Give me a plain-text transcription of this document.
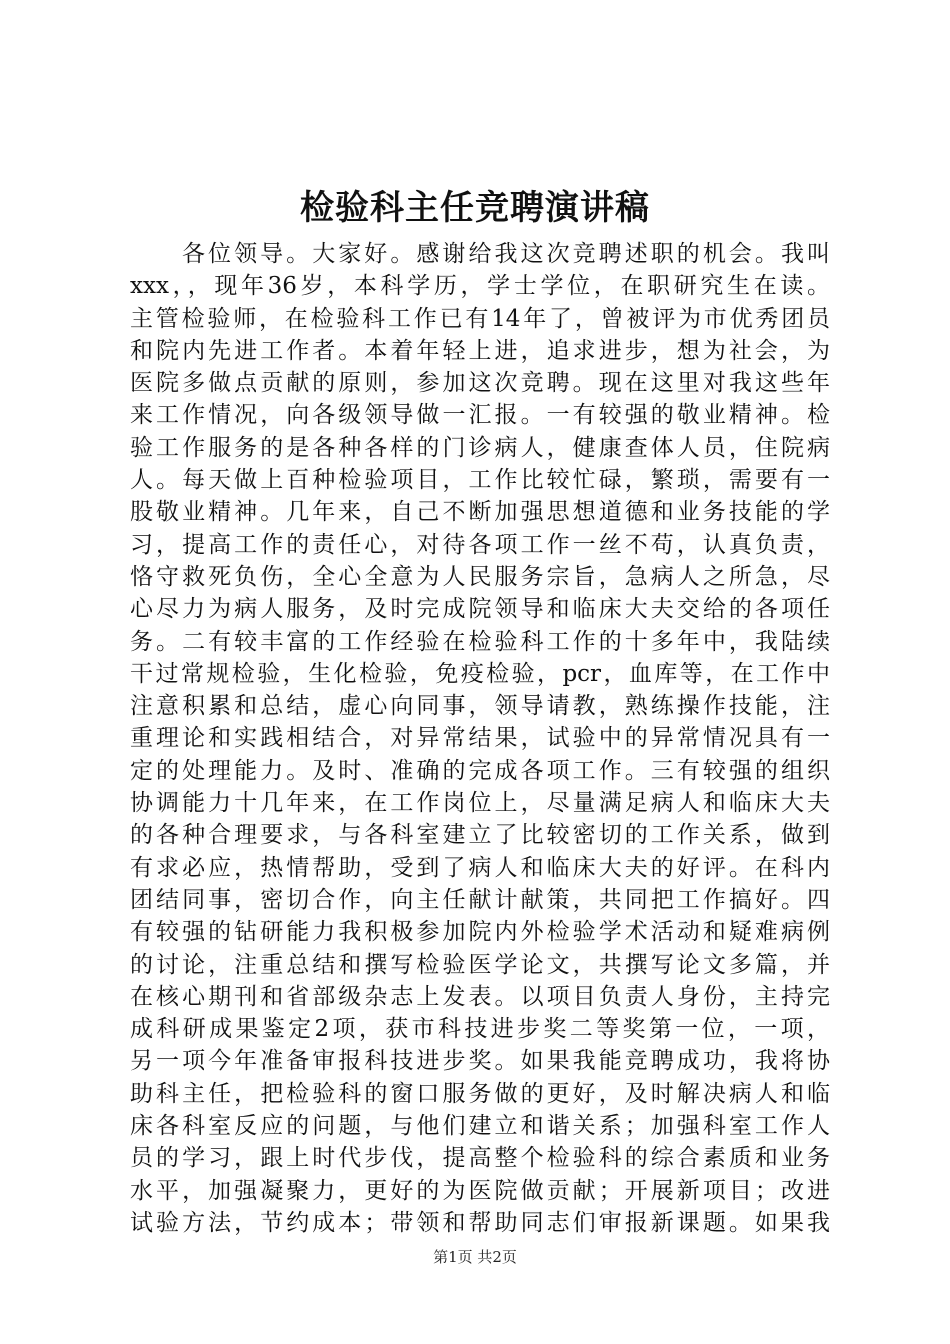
检验科主任竞聘演讲稿
各位领导。大家好。感谢给我这次竞聘述职的机会。我叫
xxx，，现年36岁，本科学历，学士学位，在职研究生在读。
主管检验师，在检验科工作已有14年了，曾被评为市优秀团员
和院内先进工作者。本着年轻上进，追求进步，想为社会，为
医院多做点贡献的原则，参加这次竞聘。现在这里对我这些年
来工作情况，向各级领导做一汇报。一有较强的敬业精神。检
验工作服务的是各种各样的门诊病人，健康查体人员，住院病
人。每天做上百种检验项目，工作比较忙碌，繁琐，需要有一
股敬业精神。几年来，自己不断加强思想道德和业务技能的学
习，提高工作的责任心，对待各项工作一丝不苟，认真负责，
恪守救死负伤，全心全意为人民服务宗旨，急病人之所急，尽
心尽力为病人服务，及时完成院领导和临床大夫交给的各项任
务。二有较丰富的工作经验在检验科工作的十多年中，我陆续
干过常规检验，生化检验，免疫检验，pcr，血库等，在工作中
注意积累和总结，虚心向同事，领导请教，熟练操作技能，注
重理论和实践相结合，对异常结果，试验中的异常情况具有一
定的处理能力。及时、准确的完成各项工作。三有较强的组织
协调能力十几年来，在工作岗位上，尽量满足病人和临床大夫
的各种合理要求，与各科室建立了比较密切的工作关系，做到
有求必应，热情帮助，受到了病人和临床大夫的好评。在科内
团结同事，密切合作，向主任献计献策，共同把工作搞好。四
有较强的钻研能力我积极参加院内外检验学术活动和疑难病例
的讨论，注重总结和撰写检验医学论文，共撰写论文多篇，并
在核心期刊和省部级杂志上发表。以项目负责人身份，主持完
成科研成果鉴定2项，获市科技进步奖二等奖第一位，一项，
另一项今年准备审报科技进步奖。如果我能竞聘成功，我将协
助科主任，把检验科的窗口服务做的更好，及时解决病人和临
床各科室反应的问题，与他们建立和谐关系；加强科室工作人
员的学习，跟上时代步伐，提高整个检验科的综合素质和业务
水平，加强凝聚力，更好的为医院做贡献；开展新项目；改进
试验方法，节约成本；带领和帮助同志们审报新课题。如果我
第1页 共2页
